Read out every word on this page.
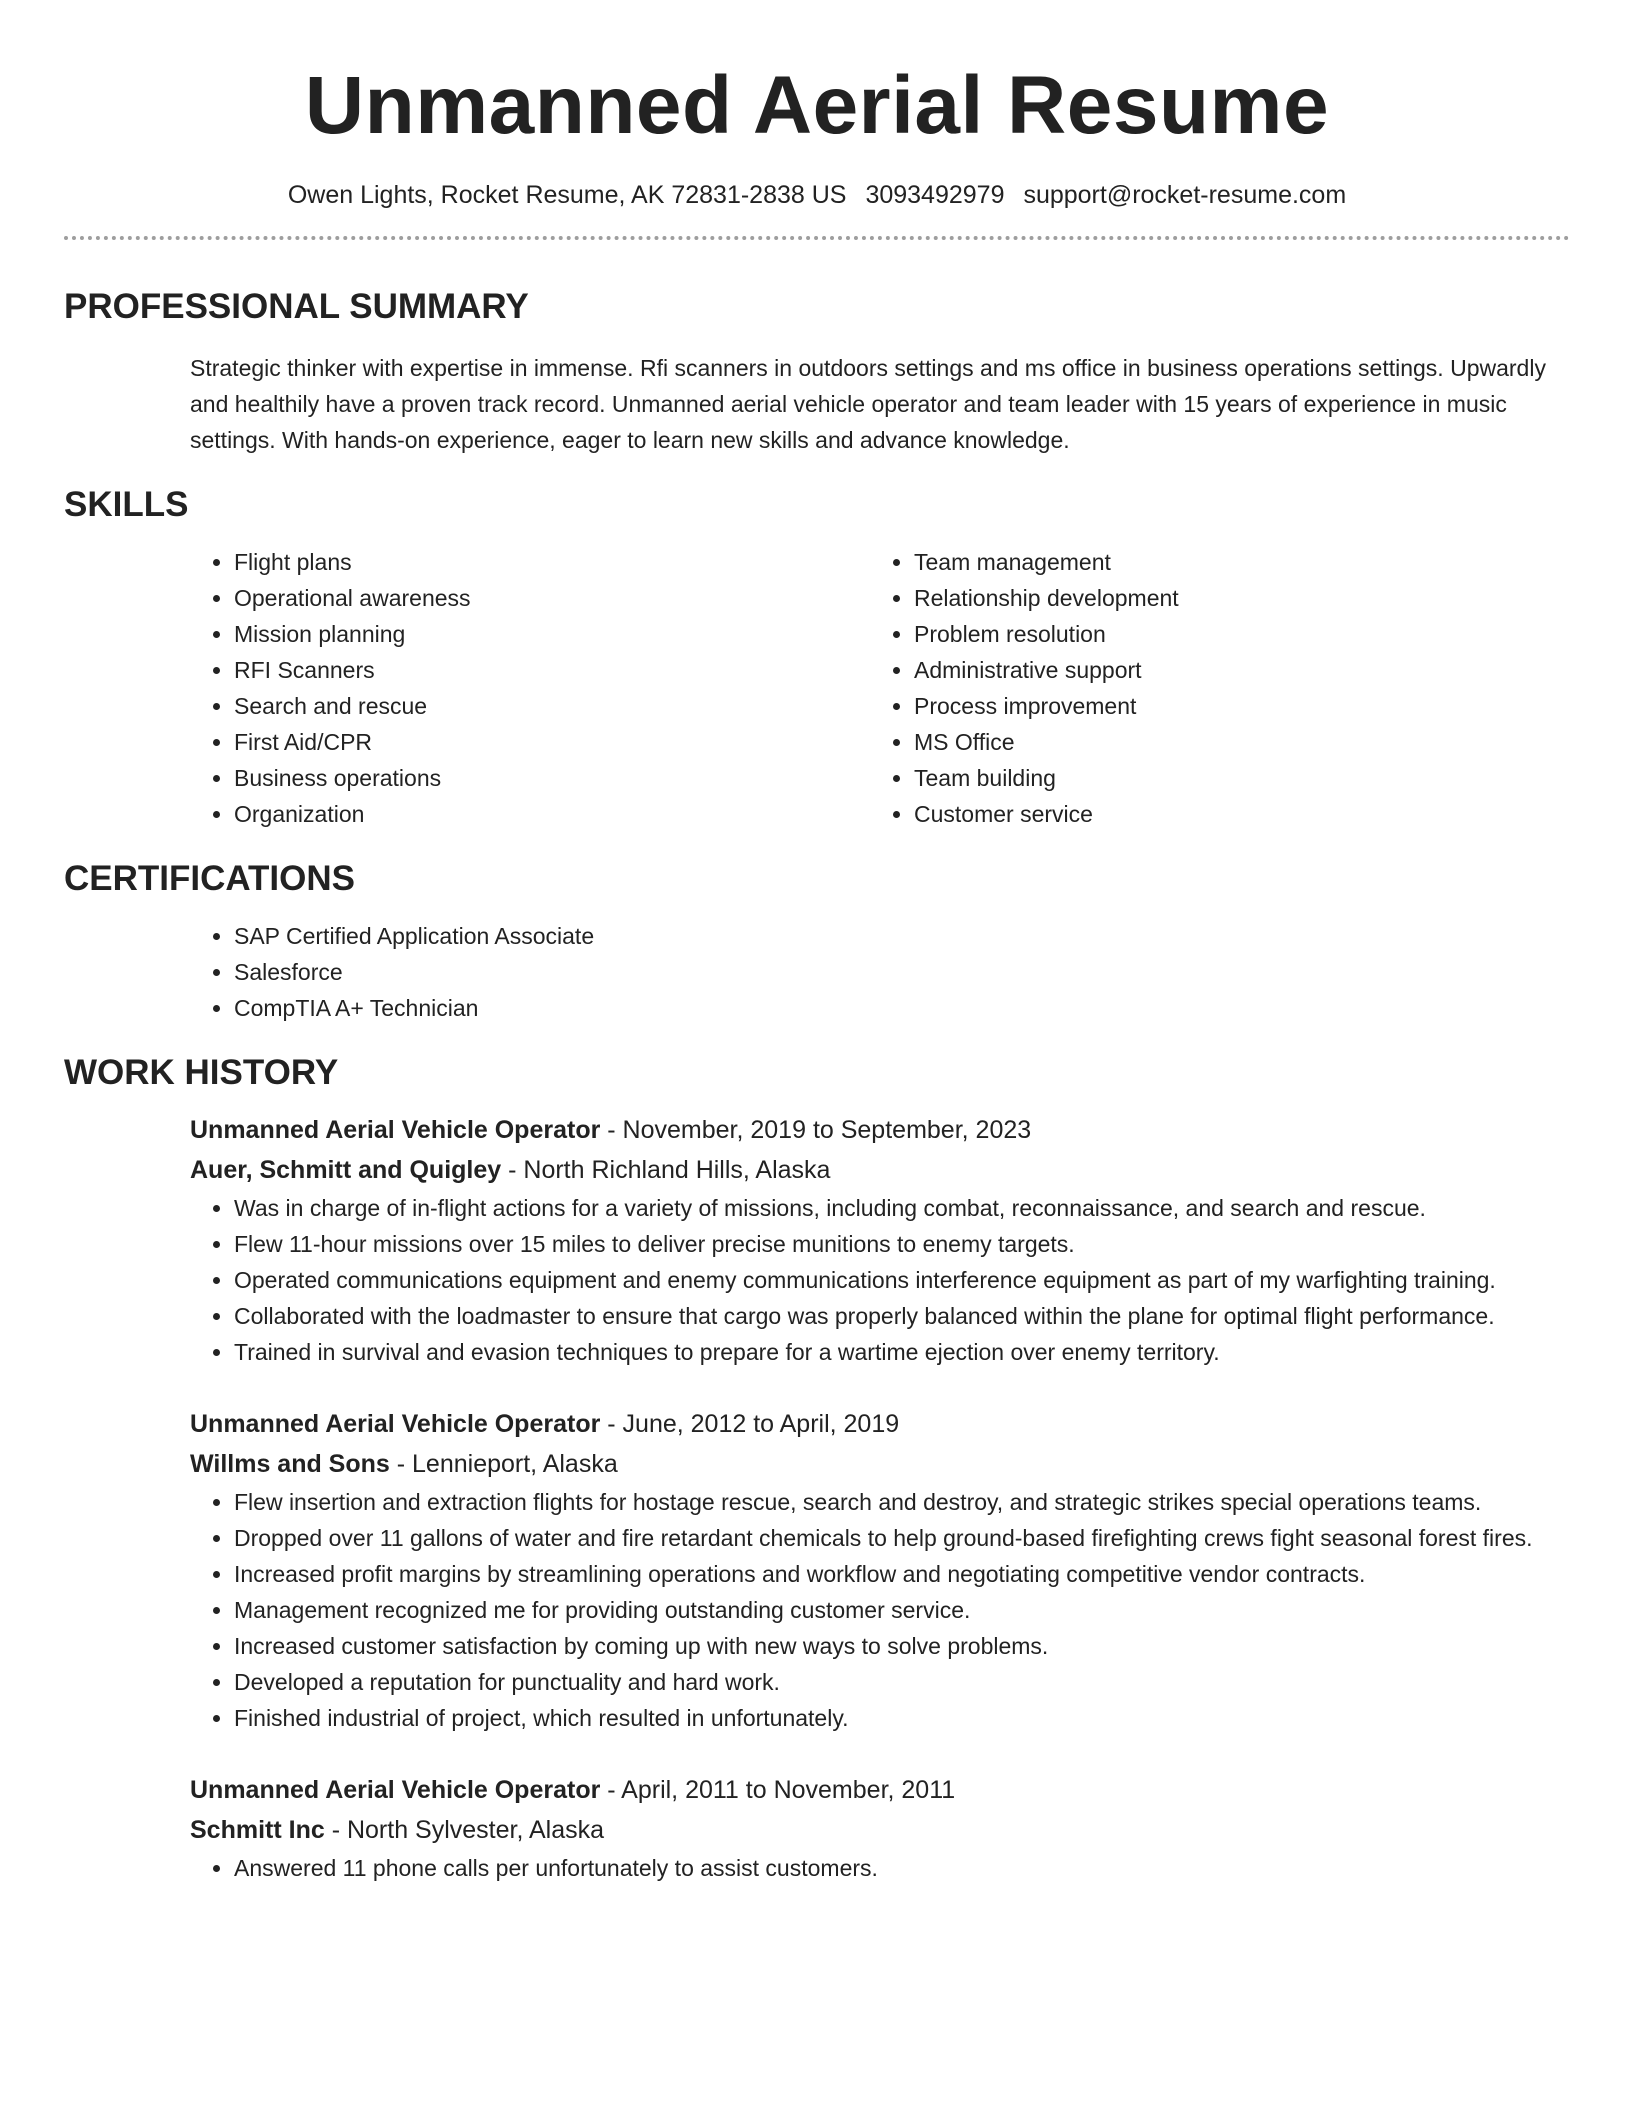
Unmanned Aerial Resume
Owen Lights, Rocket Resume, AK 72831-2838 US 3093492979 support@rocket-resume.com
PROFESSIONAL SUMMARY

Strategic thinker with expertise in immense. Rfi scanners in outdoors settings and ms office in business operations settings. Upwardly and healthily have a proven track record. Unmanned aerial vehicle operator and team leader with 15 years of experience in music settings. With hands-on experience, eager to learn new skills and advance knowledge.

SKILLS
• Flight plans
• Operational awareness
• Mission planning
• RFI Scanners
• Search and rescue
• First Aid/CPR
• Business operations
• Organization
• Team management
• Relationship development
• Problem resolution
• Administrative support
• Process improvement
• MS Office
• Team building
• Customer service
CERTIFICATIONS
• SAP Certified Application Associate
• Salesforce
• CompTIA A+ Technician
WORK HISTORY
Unmanned Aerial Vehicle Operator - November, 2019 to September, 2023
Auer, Schmitt and Quigley - North Richland Hills, Alaska
• Was in charge of in-flight actions for a variety of missions, including combat, reconnaissance, and search and rescue.
• Flew 11-hour missions over 15 miles to deliver precise munitions to enemy targets.
• Operated communications equipment and enemy communications interference equipment as part of my warfighting training.
• Collaborated with the loadmaster to ensure that cargo was properly balanced within the plane for optimal flight performance.
• Trained in survival and evasion techniques to prepare for a wartime ejection over enemy territory.
Unmanned Aerial Vehicle Operator - June, 2012 to April, 2019
Willms and Sons - Lennieport, Alaska
• Flew insertion and extraction flights for hostage rescue, search and destroy, and strategic strikes special operations teams.
• Dropped over 11 gallons of water and fire retardant chemicals to help ground-based firefighting crews fight seasonal forest fires.
• Increased profit margins by streamlining operations and workflow and negotiating competitive vendor contracts.
• Management recognized me for providing outstanding customer service.
• Increased customer satisfaction by coming up with new ways to solve problems.
• Developed a reputation for punctuality and hard work.
• Finished industrial of project, which resulted in unfortunately.
Unmanned Aerial Vehicle Operator - April, 2011 to November, 2011
Schmitt Inc - North Sylvester, Alaska
• Answered 11 phone calls per unfortunately to assist customers.
